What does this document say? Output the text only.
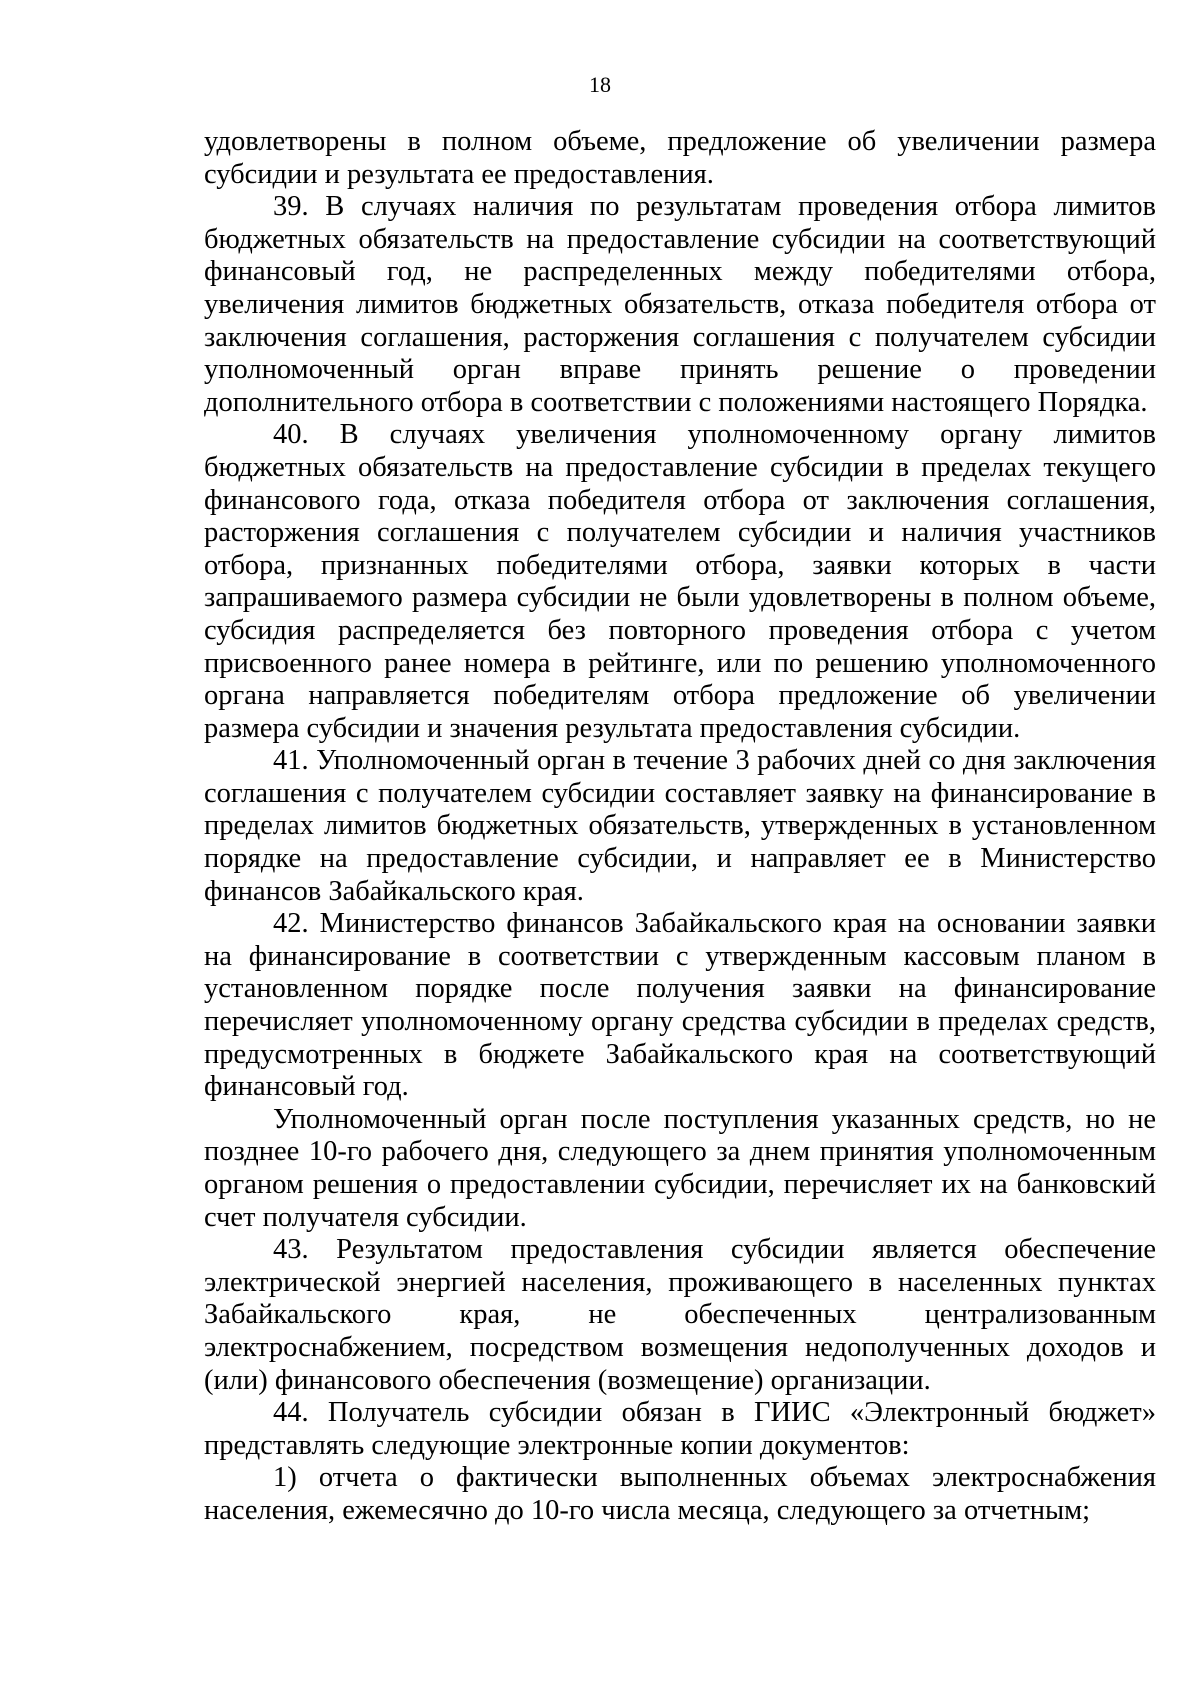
18

удовлетворены в полном объеме, предложение об увеличении размера субсидии и результата ее предоставления.

39. В случаях наличия по результатам проведения отбора лимитов бюджетных обязательств на предоставление субсидии на соответствующий финансовый год, не распределенных между победителями отбора, увеличения лимитов бюджетных обязательств, отказа победителя отбора от заключения соглашения, расторжения соглашения с получателем субсидии уполномоченный орган вправе принять решение о проведении дополнительного отбора в соответствии с положениями настоящего Порядка.

40. В случаях увеличения уполномоченному органу лимитов бюджетных обязательств на предоставление субсидии в пределах текущего финансового года, отказа победителя отбора от заключения соглашения, расторжения соглашения с получателем субсидии и наличия участников отбора, признанных победителями отбора, заявки которых в части запрашиваемого размера субсидии не были удовлетворены в полном объеме, субсидия распределяется без повторного проведения отбора с учетом присвоенного ранее номера в рейтинге, или по решению уполномоченного органа направляется победителям отбора предложение об увеличении размера субсидии и значения результата предоставления субсидии.

41. Уполномоченный орган в течение 3 рабочих дней со дня заключения соглашения с получателем субсидии составляет заявку на финансирование в пределах лимитов бюджетных обязательств, утвержденных в установленном порядке на предоставление субсидии, и направляет ее в Министерство финансов Забайкальского края.

42. Министерство финансов Забайкальского края на основании заявки на финансирование в соответствии с утвержденным кассовым планом в установленном порядке после получения заявки на финансирование перечисляет уполномоченному органу средства субсидии в пределах средств, предусмотренных в бюджете Забайкальского края на соответствующий финансовый год.

Уполномоченный орган после поступления указанных средств, но не позднее 10-го рабочего дня, следующего за днем принятия уполномоченным органом решения о предоставлении субсидии, перечисляет их на банковский счет получателя субсидии.

43. Результатом предоставления субсидии является обеспечение электрической энергией населения, проживающего в населенных пунктах Забайкальского края, не обеспеченных централизованным электроснабжением, посредством возмещения недополученных доходов и (или) финансового обеспечения (возмещение) организации.

44. Получатель субсидии обязан в ГИИС «Электронный бюджет» представлять следующие электронные копии документов:

1) отчета о фактически выполненных объемах электроснабжения населения, ежемесячно до 10-го числа месяца, следующего за отчетным;
